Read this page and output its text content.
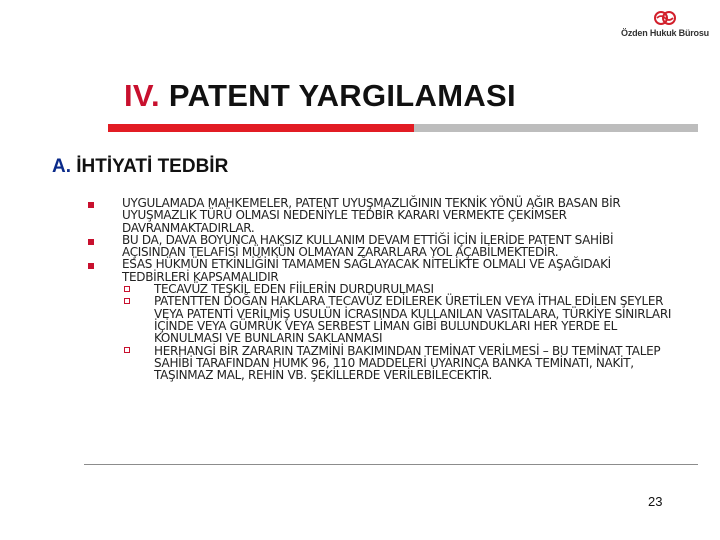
Özden Hukuk Bürosu
IV. PATENT YARGILAMASI
A. İHTİYATİ TEDBİR
UYGULAMADA MAHKEMELER, PATENT UYUŞMAZLIĞININ TEKNİK YÖNÜ AĞIR BASAN BİR UYUŞMAZLIK TÜRÜ OLMASI NEDENİYLE TEDBİR KARARI VERMEKTE ÇEKİMSER DAVRANMAKTADIRLAR.
BU DA, DAVA BOYUNCA HAKSIZ KULLANIM DEVAM ETTİĞİ İÇİN İLERİDE PATENT SAHİBİ AÇISINDAN TELAFİSİ MÜMKÜN OLMAYAN ZARARLARA YOL AÇABİLMEKTEDİR.
ESAS HÜKMÜN ETKİNLİĞİNİ TAMAMEN SAĞLAYACAK NİTELİKTE OLMALI VE AŞAĞIDAKİ TEDBİRLERİ KAPSAMALIDIR
TECAVÜZ TEŞKİL EDEN FİİLERİN DURDURULMASI
PATENTTEN DOĞAN HAKLARA TECAVÜZ EDİLEREK ÜRETİLEN VEYA İTHAL EDİLEN ŞEYLER VEYA PATENTİ VERİLMİŞ USULÜN İCRASINDA KULLANILAN VASITALARA, TÜRKİYE SINIRLARI İÇİNDE VEYA GÜMRÜK VEYA SERBEST LİMAN GİBİ BULUNDUKLARI HER YERDE EL KONULMASI VE BUNLARIN SAKLANMASI
HERHANGİ BİR ZARARIN TAZMİNİ BAKIMINDAN TEMİNAT VERİLMESİ – BU TEMİNAT TALEP SAHİBİ TARAFINDAN HUMK 96, 110 MADDELERİ UYARINCA BANKA TEMİNATI, NAKİT, TAŞINMAZ MAL, REHİN VB. ŞEKİLLERDE VERİLEBİLECEKTİR.
23
